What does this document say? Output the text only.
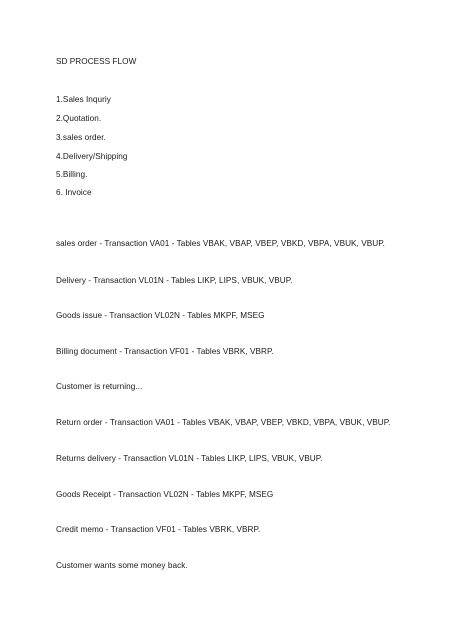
SD PROCESS FLOW
1.Sales Inquriy
2.Quotation.
3.sales order.
4.Delivery/Shipping
5.Billing.
6. Invoice
sales order - Transaction VA01 - Tables VBAK, VBAP, VBEP, VBKD, VBPA, VBUK, VBUP.
Delivery - Transaction VL01N - Tables LIKP, LIPS, VBUK, VBUP.
Goods issue - Transaction VL02N - Tables MKPF, MSEG
Billing document - Transaction VF01 - Tables VBRK, VBRP.
Customer is returning...
Return order - Transaction VA01 - Tables VBAK, VBAP, VBEP, VBKD, VBPA, VBUK, VBUP.
Returns delivery - Transaction VL01N - Tables LIKP, LIPS, VBUK, VBUP.
Goods Receipt - Transaction VL02N - Tables MKPF, MSEG
Credit memo - Transaction VF01 - Tables VBRK, VBRP.
Customer wants some money back.
